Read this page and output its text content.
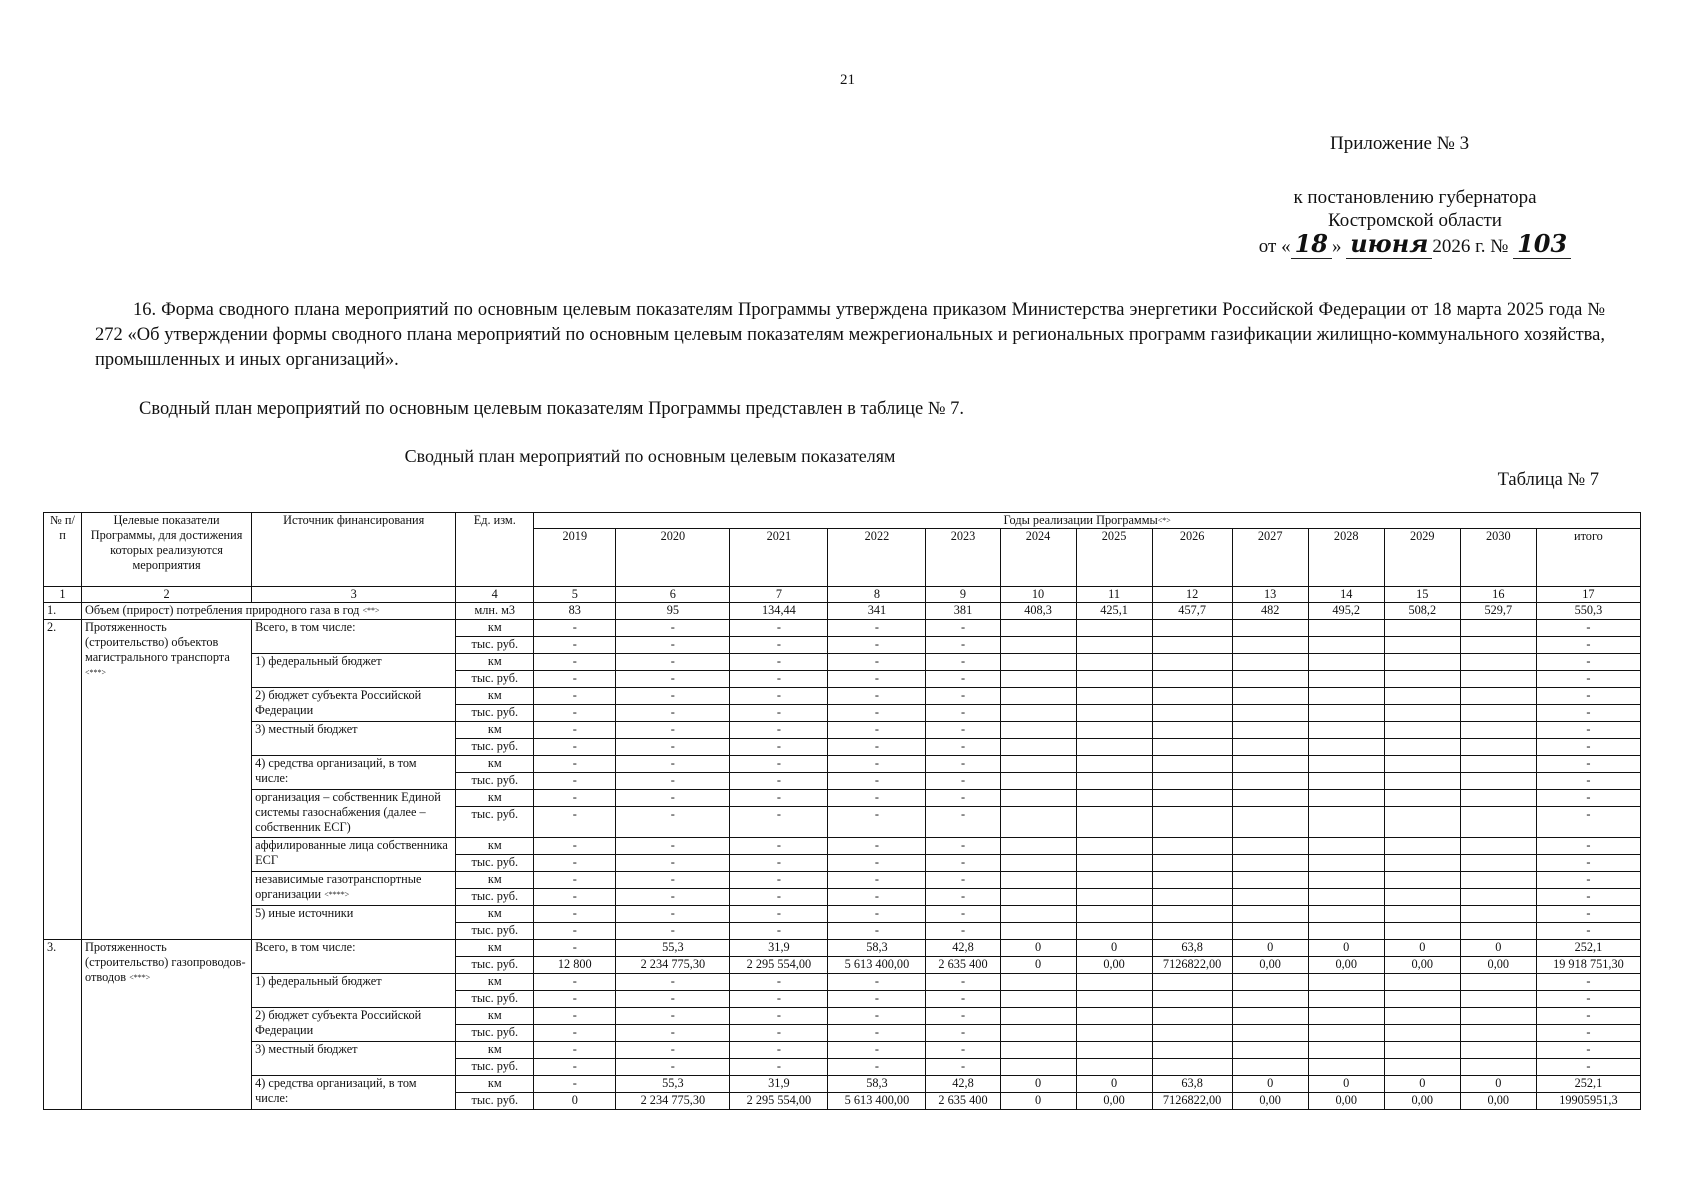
21
Приложение № 3
к постановлению губернатора
Костромской области
от « 18 » июня 2026 г. № 103
16. Форма сводного плана мероприятий по основным целевым показателям Программы утверждена приказом Министерства энергетики Российской Федерации от 18 марта 2025 года № 272 «Об утверждении формы сводного плана мероприятий по основным целевым показателям межрегиональных и региональных программ газификации жилищно-коммунального хозяйства, промышленных и иных организаций».
Сводный план мероприятий по основным целевым показателям Программы представлен в таблице № 7.
Сводный план мероприятий по основным целевым показателям
Таблица № 7
№ п/п	Целевые показатели Программы, для достижения которых реализуются мероприятия	Источник финансирования	Ед. изм.	Годы реализации Программы<*>
				2019	2020	2021	2022	2023	2024	2025	2026	2027	2028	2029	2030	итого
1	2	3	4	5	6	7	8	9	10	11	12	13	14	15	16	17
1.	Объем (прирост) потребления природного газа в год <**>		млн. м3	83	95	134,44	341	381	408,3	425,1	457,7	482	495,2	508,2	529,7	550,3
2.	Протяженность (строительство) объектов магистрального транспорта <***>	Всего, в том числе:	км	-	-	-	-	-								-
			тыс. руб.	-	-	-	-	-								-
		1) федеральный бюджет	км	-	-	-	-	-								-
			тыс. руб.	-	-	-	-	-								-
		2) бюджет субъекта Российской Федерации	км	-	-	-	-	-								-
			тыс. руб.	-	-	-	-	-								-
		3) местный бюджет	км	-	-	-	-	-								-
			тыс. руб.	-	-	-	-	-								-
		4) средства организаций, в том числе:	км	-	-	-	-	-								-
			тыс. руб.	-	-	-	-	-								-
		организация – собственник Единой системы газоснабжения (далее – собственник ЕСГ)	км	-	-	-	-	-								-
			тыс. руб.	-	-	-	-	-								-
		аффилированные лица собственника ЕСГ	км	-	-	-	-	-								-
			тыс. руб.	-	-	-	-	-								-
		независимые газотранспортные организации <****>	км	-	-	-	-	-								-
			тыс. руб.	-	-	-	-	-								-
		5) иные источники	км	-	-	-	-	-								-
			тыс. руб.	-	-	-	-	-								-
3.	Протяженность (строительство) газопроводов-отводов <***>	Всего, в том числе:	км	-	55,3	31,9	58,3	42,8	0	0	63,8	0	0	0	0	252,1
			тыс. руб.	12 800	2 234 775,30	2 295 554,00	5 613 400,00	2 635 400	0	0,00	7126822,00	0,00	0,00	0,00	0,00	19 918 751,30
		1) федеральный бюджет	км	-	-	-	-	-								-
			тыс. руб.	-	-	-	-	-								-
		2) бюджет субъекта Российской Федерации	км	-	-	-	-	-								-
			тыс. руб.	-	-	-	-	-								-
		3) местный бюджет	км	-	-	-	-	-								-
			тыс. руб.	-	-	-	-	-								-
		4) средства организаций, в том числе:	км	-	55,3	31,9	58,3	42,8	0	0	63,8	0	0	0	0	252,1
			тыс. руб.	0	2 234 775,30	2 295 554,00	5 613 400,00	2 635 400	0	0,00	7126822,00	0,00	0,00	0,00	0,00	19905951,3
